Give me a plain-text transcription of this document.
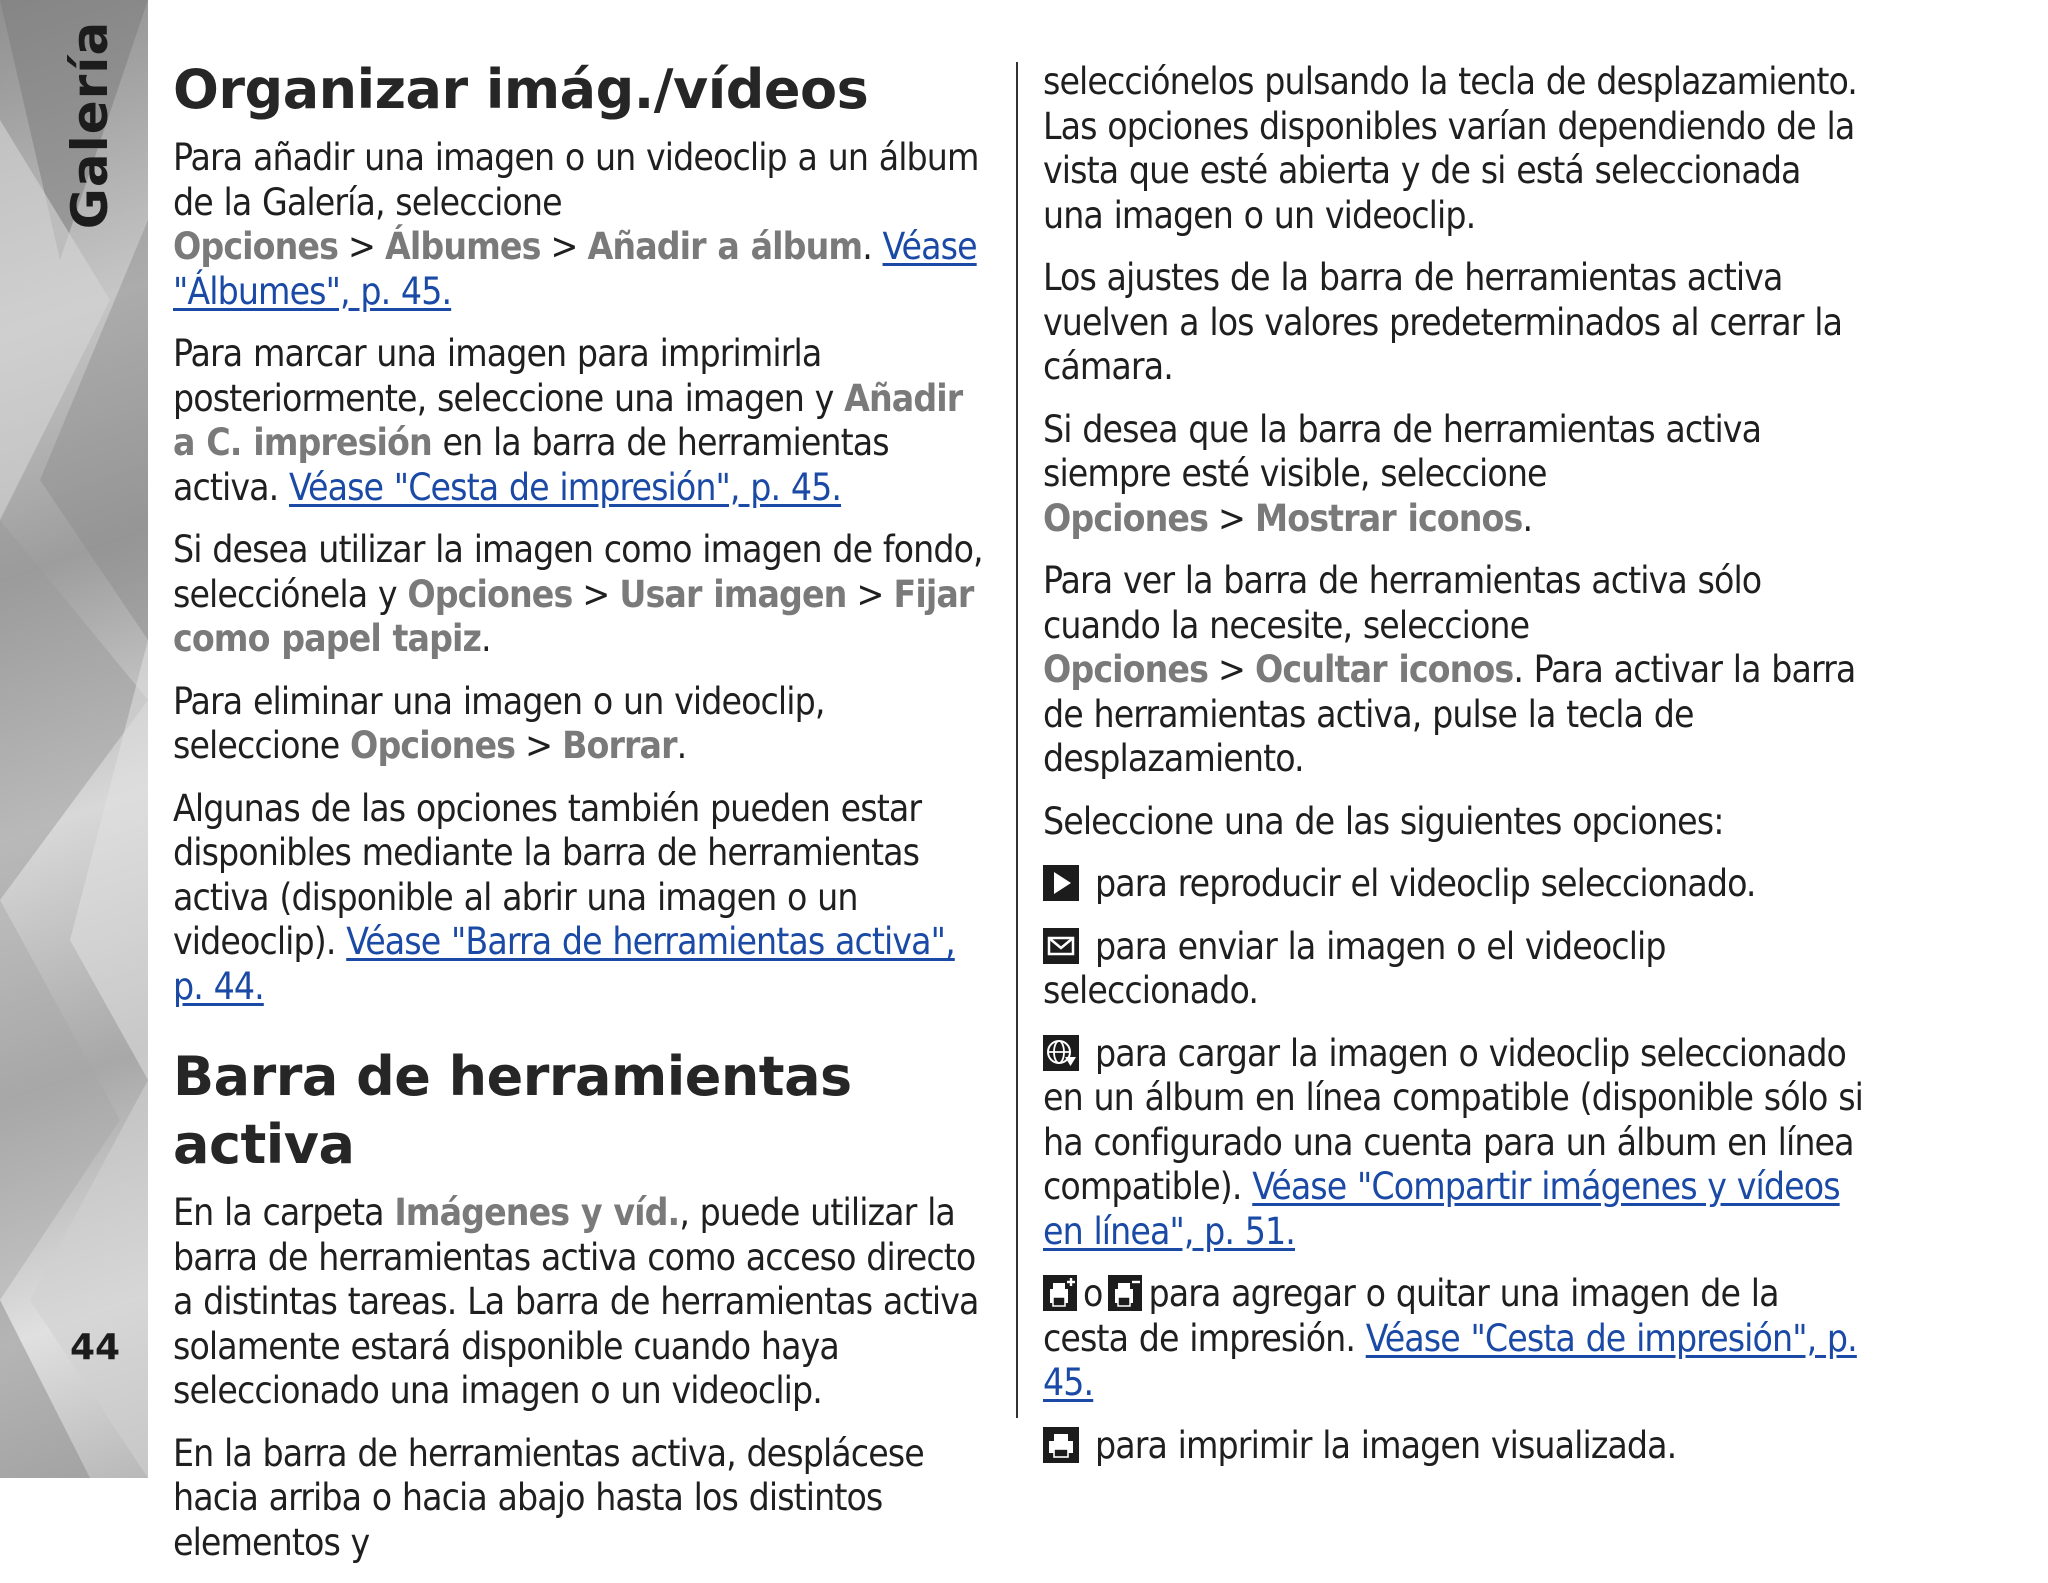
Galería
44
Organizar imág./vídeos

Para añadir una imagen o un videoclip a un álbum de la Galería, seleccione Opciones > Álbumes > Añadir a álbum. Véase "Álbumes", p. 45.

Para marcar una imagen para imprimirla posteriormente, seleccione una imagen y Añadir a C. impresión en la barra de herramientas activa. Véase "Cesta de impresión", p. 45.

Si desea utilizar la imagen como imagen de fondo, selecciónela y Opciones > Usar imagen > Fijar como papel tapiz.

Para eliminar una imagen o un videoclip, seleccione Opciones > Borrar.

Algunas de las opciones también pueden estar disponibles mediante la barra de herramientas activa (disponible al abrir una imagen o un videoclip). Véase "Barra de herramientas activa", p. 44.

Barra de herramientas activa

En la carpeta Imágenes y víd., puede utilizar la barra de herramientas activa como acceso directo a distintas tareas. La barra de herramientas activa solamente estará disponible cuando haya seleccionado una imagen o un videoclip.

En la barra de herramientas activa, desplácese hacia arriba o hacia abajo hasta los distintos elementos y

selecciónelos pulsando la tecla de desplazamiento. Las opciones disponibles varían dependiendo de la vista que esté abierta y de si está seleccionada una imagen o un videoclip.

Los ajustes de la barra de herramientas activa vuelven a los valores predeterminados al cerrar la cámara.

Si desea que la barra de herramientas activa siempre esté visible, seleccione Opciones > Mostrar iconos.

Para ver la barra de herramientas activa sólo cuando la necesite, seleccione Opciones > Ocultar iconos. Para activar la barra de herramientas activa, pulse la tecla de desplazamiento.

Seleccione una de las siguientes opciones:

para reproducir el videoclip seleccionado.

para enviar la imagen o el videoclip seleccionado.

para cargar la imagen o videoclip seleccionado en un álbum en línea compatible (disponible sólo si ha configurado una cuenta para un álbum en línea compatible). Véase "Compartir imágenes y vídeos en línea", p. 51.

o para agregar o quitar una imagen de la cesta de impresión. Véase "Cesta de impresión", p. 45.

para imprimir la imagen visualizada.
